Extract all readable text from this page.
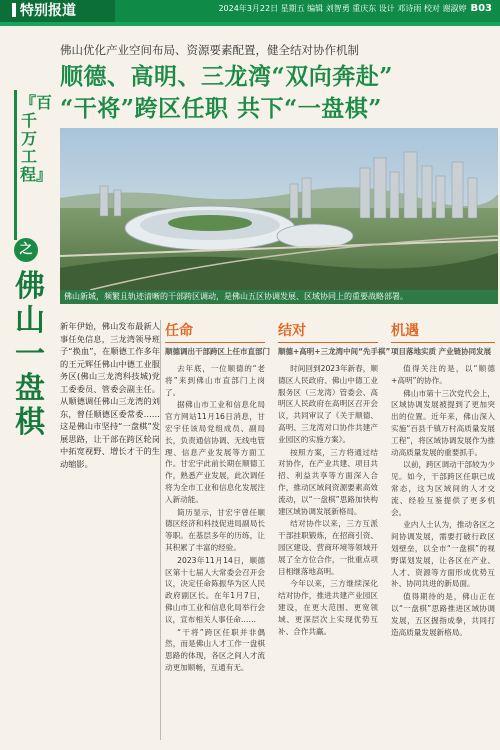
特别报道	2024年3月22日 星期五 编辑 刘智勇 重庆东 设计 邓诗雨 校对 谢淑婷 B03
『百千万工程』
之
佛山一盘棋
佛山优化产业空间布局、资源要素配置，健全结对协作机制
顺德、高明、三龙湾“双向奔赴”
“干将”跨区任职 共下“一盘棋”
佛山新城，频繁且轨迹清晰的干部跨区调动，是佛山五区协调发展、区域协同上的重要战略部署。

新年伊始，佛山发布最新人事任免信息，三龙湾领导班子“换血”，在顺德工作多年的王元辉任佛山中德工业服务区(佛山三龙湾科技城)党工委委员、管委会副主任。从顺德调任佛山三龙湾的刘东，曾任顺德区委常委……这是佛山市坚持“一盘棋”发展思路，让干部在跨区轮岗中拓宽视野、增长才干的生动缩影。

任命
顺德调出干部跨区上任市直部门

去年底，一位顺德的“老将”来到佛山市直部门上岗了。

据佛山市工业和信息化局官方网站11月16日消息，甘宏宇任该局党组成员、副局长，负责通信协调、无线电管理、信息产业发展等方面工作。甘宏宇此前长期在顺德工作，熟悉产业发展，此次调任将为全市工业和信息化发展注入新动能。

简历显示，甘宏宇曾任顺德区经济和科技促进局副局长等职。在基层多年的历练，让其积累了丰富的经验。

2023年11月14日，顺德区第十七届人大常委会召开会议，决定任命陈振华为区人民政府副区长。在年1月7日，佛山市工业和信息化局举行会议，宣布相关人事任命……

“干将”跨区任职并非偶然，而是佛山人才工作一盘棋思路的体现，各区之间人才流动更加顺畅，互通有无。

结对
顺德+高明+三龙湾中间“先手棋”

时间回到2023年新春，顺德区人民政府、佛山中德工业服务区（三龙湾）管委会、高明区人民政府在高明区召开会议，共同审议了《关于顺德、高明、三龙湾对口协作共建产业园区的实施方案》。

按照方案，三方将通过结对协作，在产业共建、项目共招、利益共享等方面深入合作，推动区域间资源要素高效流动，以“一盘棋”思路加快构建区域协调发展新格局。

结对协作以来，三方互派干部挂职锻炼，在招商引资、园区建设、营商环境等领域开展了全方位合作，一批重点项目相继落地高明。

今年以来，三方继续深化结对协作，推进共建产业园区建设，在更大范围、更宽领域、更深层次上实现优势互补、合作共赢。

机遇
项目落地实质 产业链协同发展

值得关注的是，以“顺德+高明”的协作。

佛山市第十三次党代会上，区域协调发展被提到了更加突出的位置。近年来，佛山深入实施“百县千镇万村高质量发展工程”，将区域协调发展作为推动高质量发展的重要抓手。

以前，跨区调动干部较为少见。如今，干部跨区任职已成常态，这为区域间的人才交流、经验互鉴提供了更多机会。

业内人士认为，推动各区之间协调发展，需要打破行政区划壁垒，以全市“一盘棋”的视野谋划发展，让各区在产业、人才、资源等方面形成优势互补、协同共进的新局面。

值得期待的是，佛山正在以“一盘棋”思路推进区域协调发展，五区握指成拳，共同打造高质量发展新格局。
